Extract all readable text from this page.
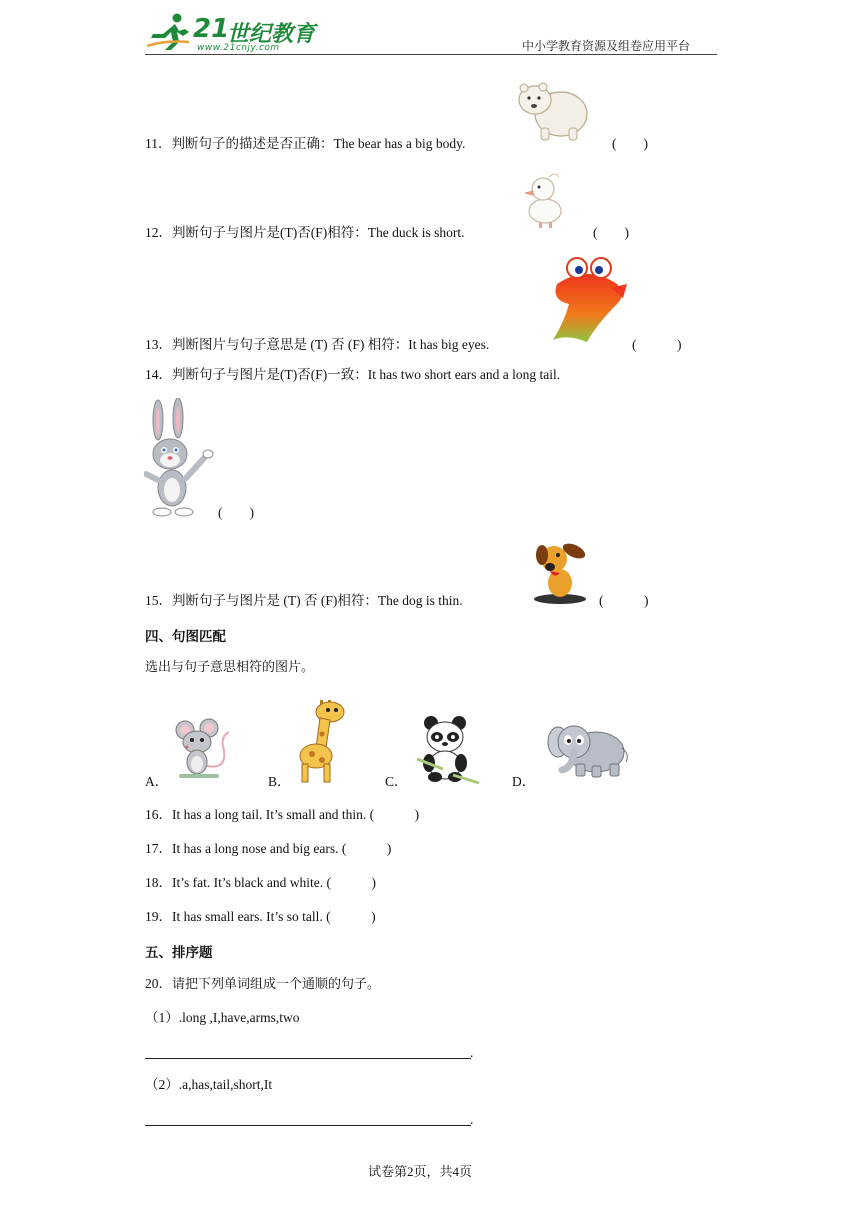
21
世纪教育
www.21cnjy.com	中小学教育资源及组卷应用平台
11．判断句子的描述是否正确：The bear has a big body.	(　　)
12．判断句子与图片是(T)否(F)相符：The duck is short.	(　　)
13．判断图片与句子意思是 (T) 否 (F) 相符：It has big eyes.	(　　　)
14．判断句子与图片是(T)否(F)一致：It has two short ears and a long tail.
(　　)
15．判断句子与图片是 (T) 否 (F)相符：The dog is thin.	(　　　)
四、句图匹配
选出与句子意思相符的图片。
A．	B．	C．	D．
16．It has a long tail. It’s small and thin. (　　　)
17．It has a long nose and big ears. (　　　)
18．It’s fat. It’s black and white. (　　　)
19．It has small ears. It’s so tall. (　　　)
五、排序题
20．请把下列单词组成一个通顺的句子。
（1）.long ,I,have,arms,two
.
（2）.a,has,tail,short,It
.
试卷第2页，共4页
